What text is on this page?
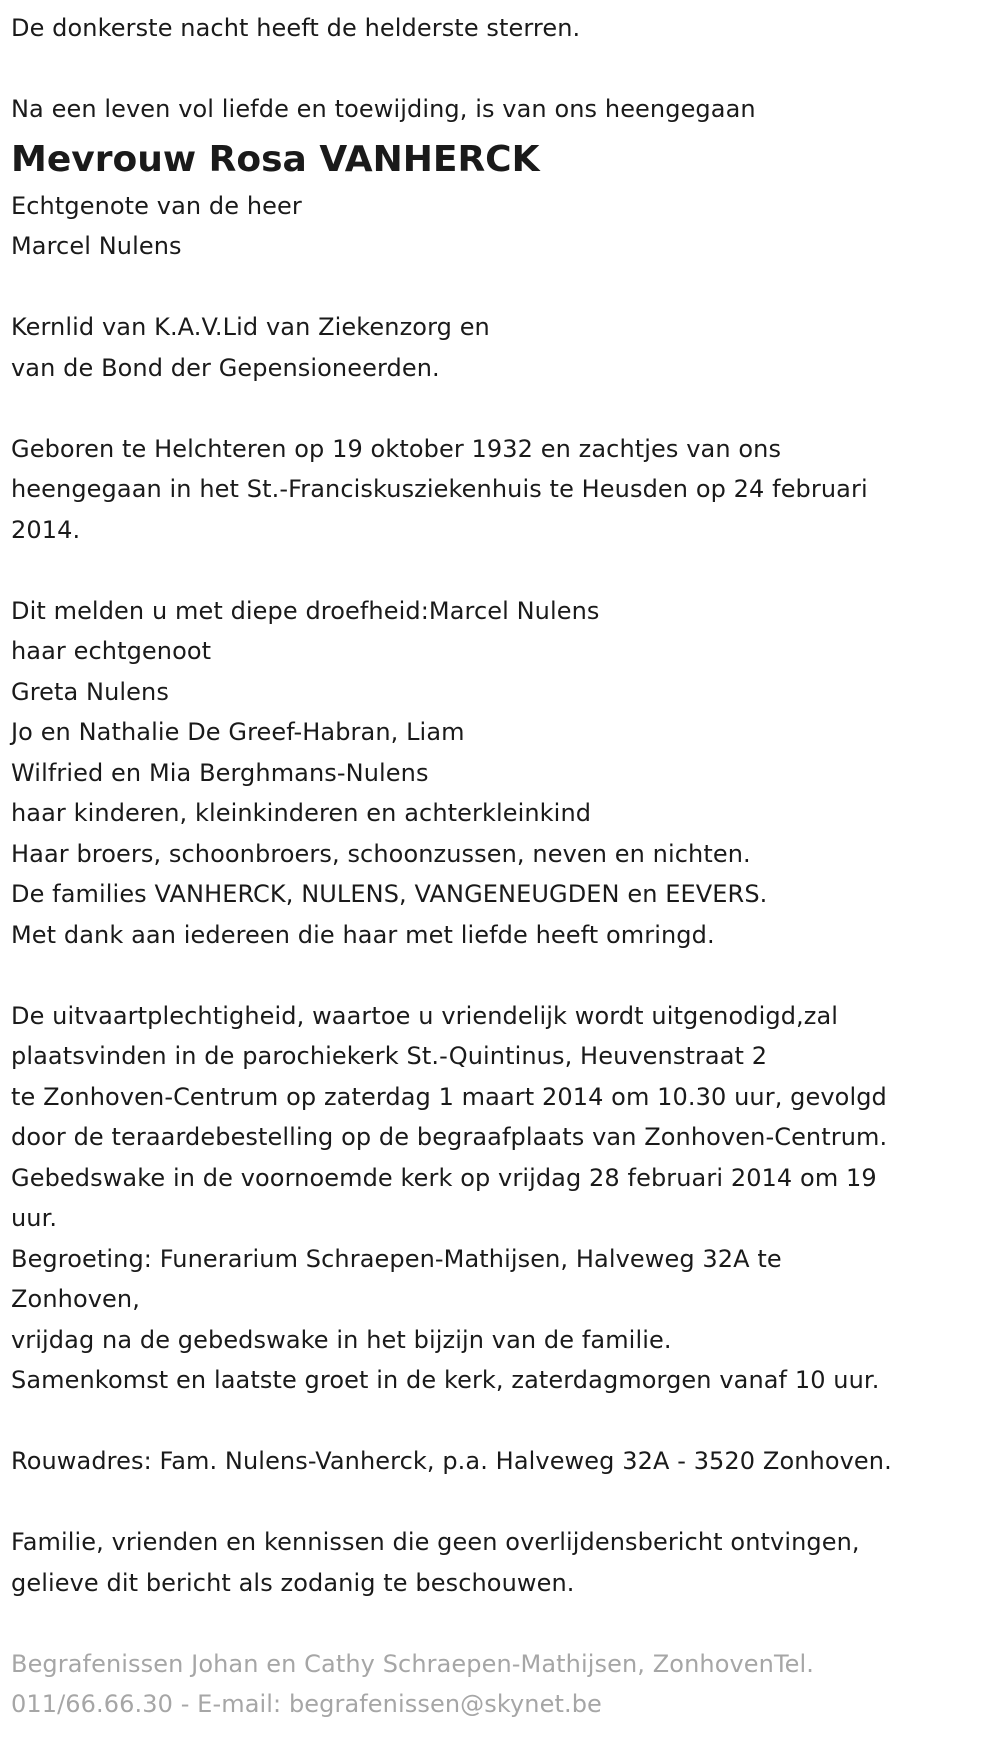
De donkerste nacht heeft de helderste sterren.
Na een leven vol liefde en toewijding, is van ons heengegaan
Mevrouw Rosa VANHERCK
Echtgenote van de heer
Marcel Nulens
Kernlid van K.A.V.Lid van Ziekenzorg en
van de Bond der Gepensioneerden.
Geboren te Helchteren op 19 oktober 1932 en zachtjes van ons
heengegaan in het St.-Franciskusziekenhuis te Heusden op 24 februari
2014.
Dit melden u met diepe droefheid:Marcel Nulens
haar echtgenoot
Greta Nulens
Jo en Nathalie De Greef-Habran, Liam
Wilfried en Mia Berghmans-Nulens
haar kinderen, kleinkinderen en achterkleinkind
Haar broers, schoonbroers, schoonzussen, neven en nichten.
De families VANHERCK, NULENS, VANGENEUGDEN en EEVERS.
Met dank aan iedereen die haar met liefde heeft omringd.
De uitvaartplechtigheid, waartoe u vriendelijk wordt uitgenodigd,zal
plaatsvinden in de parochiekerk St.-Quintinus, Heuvenstraat 2
te Zonhoven-Centrum op zaterdag 1 maart 2014 om 10.30 uur, gevolgd
door de teraardebestelling op de begraafplaats van Zonhoven-Centrum.
Gebedswake in de voornoemde kerk op vrijdag 28 februari 2014 om 19
uur.
Begroeting: Funerarium Schraepen-Mathijsen, Halveweg 32A te
Zonhoven,
vrijdag na de gebedswake in het bijzijn van de familie.
Samenkomst en laatste groet in de kerk, zaterdagmorgen vanaf 10 uur.
Rouwadres: Fam. Nulens-Vanherck, p.a. Halveweg 32A - 3520 Zonhoven.
Familie, vrienden en kennissen die geen overlijdensbericht ontvingen,
gelieve dit bericht als zodanig te beschouwen.
Begrafenissen Johan en Cathy Schraepen-Mathijsen, ZonhovenTel.
011/66.66.30 - E-mail: begrafenissen@skynet.be
